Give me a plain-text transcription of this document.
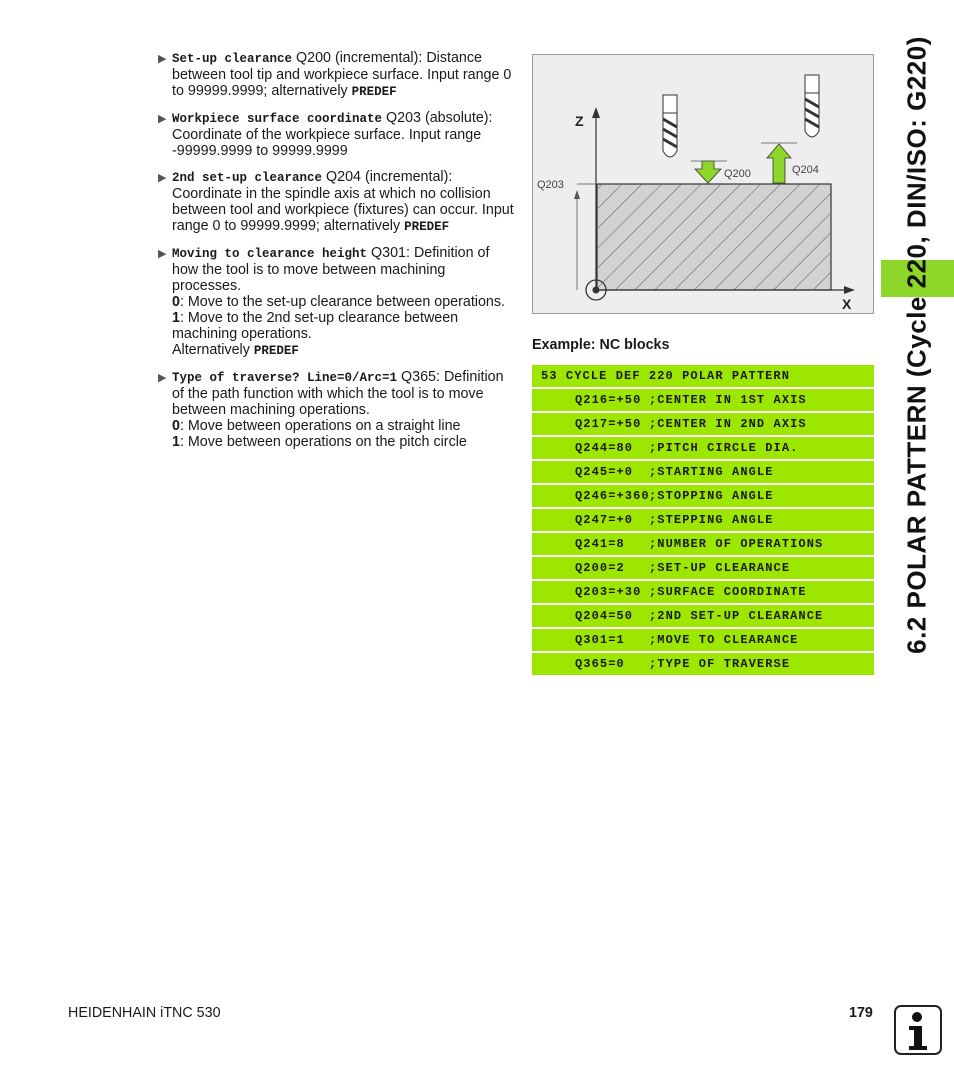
▶ Set-up clearance Q200 (incremental): Distance between tool tip and workpiece surface. Input range 0 to 99999.9999; alternatively PREDEF
▶ Workpiece surface coordinate Q203 (absolute): Coordinate of the workpiece surface. Input range -99999.9999 to 99999.9999
▶ 2nd set-up clearance Q204 (incremental): Coordinate in the spindle axis at which no collision between tool and workpiece (fixtures) can occur. Input range 0 to 99999.9999; alternatively PREDEF
▶ Moving to clearance height Q301: Definition of how the tool is to move between machining processes.
0: Move to the set-up clearance between operations.
1: Move to the 2nd set-up clearance between machining operations.
Alternatively PREDEF
▶ Type of traverse? Line=0/Arc=1 Q365: Definition of the path function with which the tool is to move between machining operations.
0: Move between operations on a straight line
1: Move between operations on the pitch circle
Z
X
Q203
Q200	Q204
Example: NC blocks
53 CYCLE DEF 220 POLAR PATTERN
Q216=+50 ;CENTER IN 1ST AXIS
Q217=+50 ;CENTER IN 2ND AXIS
Q244=80	;PITCH CIRCLE DIA.
Q245=+0	;STARTING ANGLE
Q246=+360 ;STOPPING ANGLE
Q247=+0	;STEPPING ANGLE
Q241=8	;NUMBER OF OPERATIONS
Q200=2	;SET-UP CLEARANCE
Q203=+30 ;SURFACE COORDINATE
Q204=50	;2ND SET-UP CLEARANCE
Q301=1	;MOVE TO CLEARANCE
Q365=0	;TYPE OF TRAVERSE
6.2 POLAR PATTERN (Cycle 220, DIN/ISO: G220)
HEIDENHAIN iTNC 530	179
